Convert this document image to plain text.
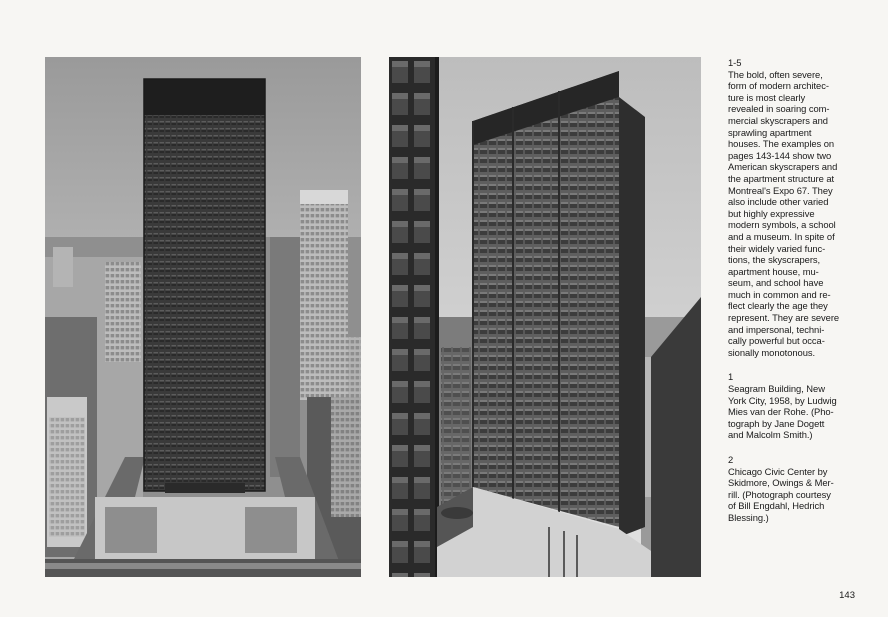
1-5

The bold, often severe,
form of modern architec-
ture is most clearly
revealed in soaring com-
mercial skyscrapers and
sprawling apartment
houses. The examples on
pages 143-144 show two
American skyscrapers and
the apartment structure at
Montreal's Expo 67. They
also include other varied
but highly expressive
modern symbols, a school
and a museum. In spite of
their widely varied func-
tions, the skyscrapers,
apartment house, mu-
seum, and school have
much in common and re-
flect clearly the age they
represent. They are severe
and impersonal, techni-
cally powerful but occa-
sionally monotonous.

1

Seagram Building, New
York City, 1958, by Ludwig
Mies van der Rohe. (Pho-
tograph by Jane Dogett
and Malcolm Smith.)

2

Chicago Civic Center by
Skidmore, Owings & Mer-
rill. (Photograph courtesy
of Bill Engdahl, Hedrich
Blessing.)

143
